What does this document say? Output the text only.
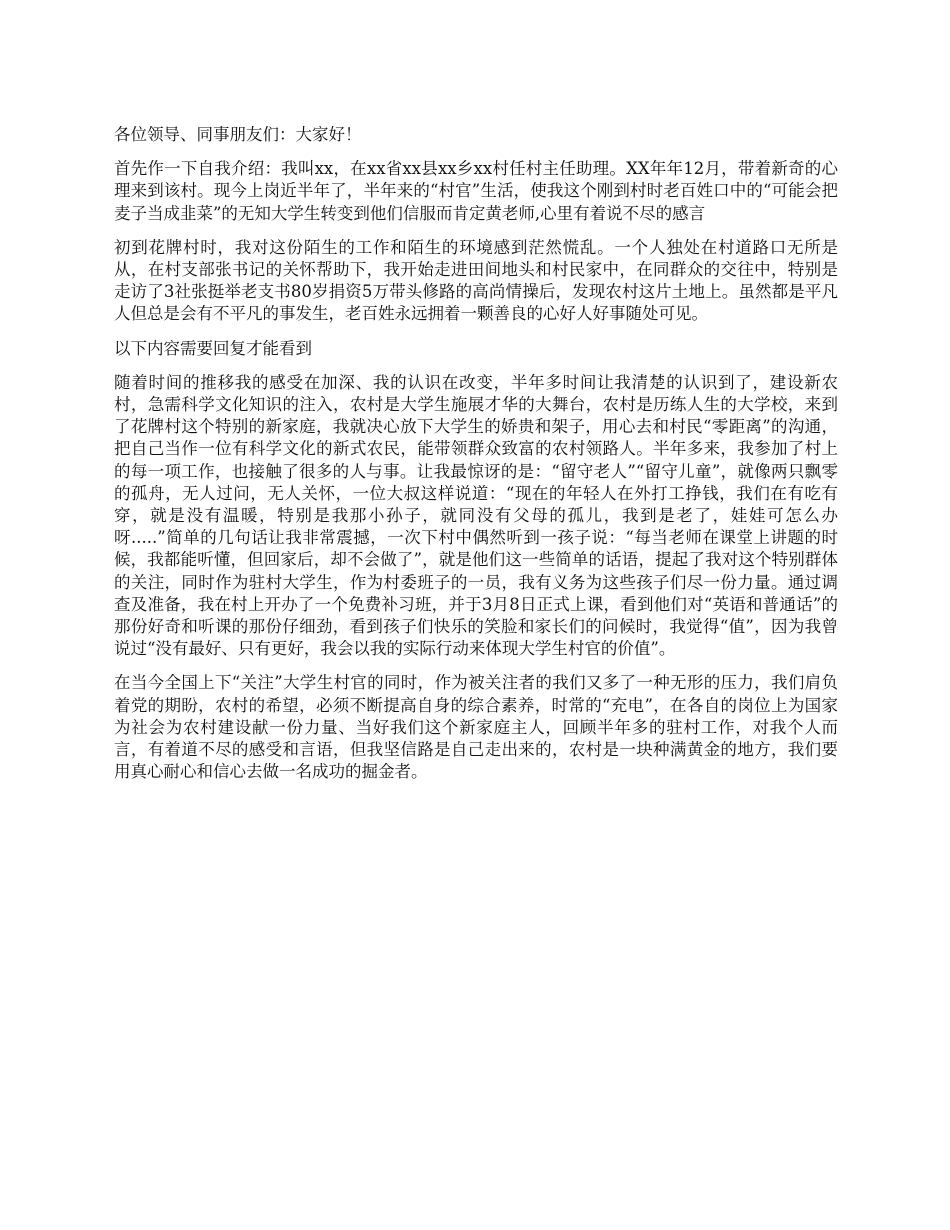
各位领导、同事朋友们：大家好！

首先作一下自我介绍：我叫xx，在xx省xx县xx乡xx村任村主任助理。XX年年12月，带着新奇的心理来到该村。现今上岗近半年了，半年来的“村官”生活，使我这个刚到村时老百姓口中的“可能会把麦子当成韭菜”的无知大学生转变到他们信服而肯定黄老师,心里有着说不尽的感言

初到花牌村时，我对这份陌生的工作和陌生的环境感到茫然慌乱。一个人独处在村道路口无所是从，在村支部张书记的关怀帮助下，我开始走进田间地头和村民家中，在同群众的交往中，特别是走访了3社张挺举老支书80岁捐资5万带头修路的高尚情操后，发现农村这片土地上。虽然都是平凡人但总是会有不平凡的事发生，老百姓永远拥着一颗善良的心好人好事随处可见。

以下内容需要回复才能看到

随着时间的推移我的感受在加深、我的认识在改变，半年多时间让我清楚的认识到了，建设新农村，急需科学文化知识的注入，农村是大学生施展才华的大舞台，农村是历练人生的大学校，来到了花牌村这个特别的新家庭，我就决心放下大学生的娇贵和架子，用心去和村民“零距离”的沟通，把自己当作一位有科学文化的新式农民，能带领群众致富的农村领路人。半年多来，我参加了村上的每一项工作，也接触了很多的人与事。让我最惊讶的是：“留守老人”“留守儿童”，就像两只飘零的孤舟，无人过问，无人关怀，一位大叔这样说道：“现在的年轻人在外打工挣钱，我们在有吃有穿，就是没有温暖，特别是我那小孙子，就同没有父母的孤儿，我到是老了，娃娃可怎么办呀.....”简单的几句话让我非常震撼，一次下村中偶然听到一孩子说：“每当老师在课堂上讲题的时候，我都能听懂，但回家后，却不会做了”，就是他们这一些简单的话语，提起了我对这个特别群体的关注，同时作为驻村大学生，作为村委班子的一员，我有义务为这些孩子们尽一份力量。通过调查及准备，我在村上开办了一个免费补习班，并于3月8日正式上课，看到他们对“英语和普通话”的那份好奇和听课的那份仔细劲，看到孩子们快乐的笑脸和家长们的问候时，我觉得“值”，因为我曾说过“没有最好、只有更好，我会以我的实际行动来体现大学生村官的价值”。

在当今全国上下“关注”大学生村官的同时，作为被关注者的我们又多了一种无形的压力，我们肩负着党的期盼，农村的希望，必须不断提高自身的综合素养，时常的“充电”，在各自的岗位上为国家为社会为农村建设献一份力量、当好我们这个新家庭主人，回顾半年多的驻村工作，对我个人而言，有着道不尽的感受和言语，但我坚信路是自己走出来的，农村是一块种满黄金的地方，我们要用真心耐心和信心去做一名成功的掘金者。
